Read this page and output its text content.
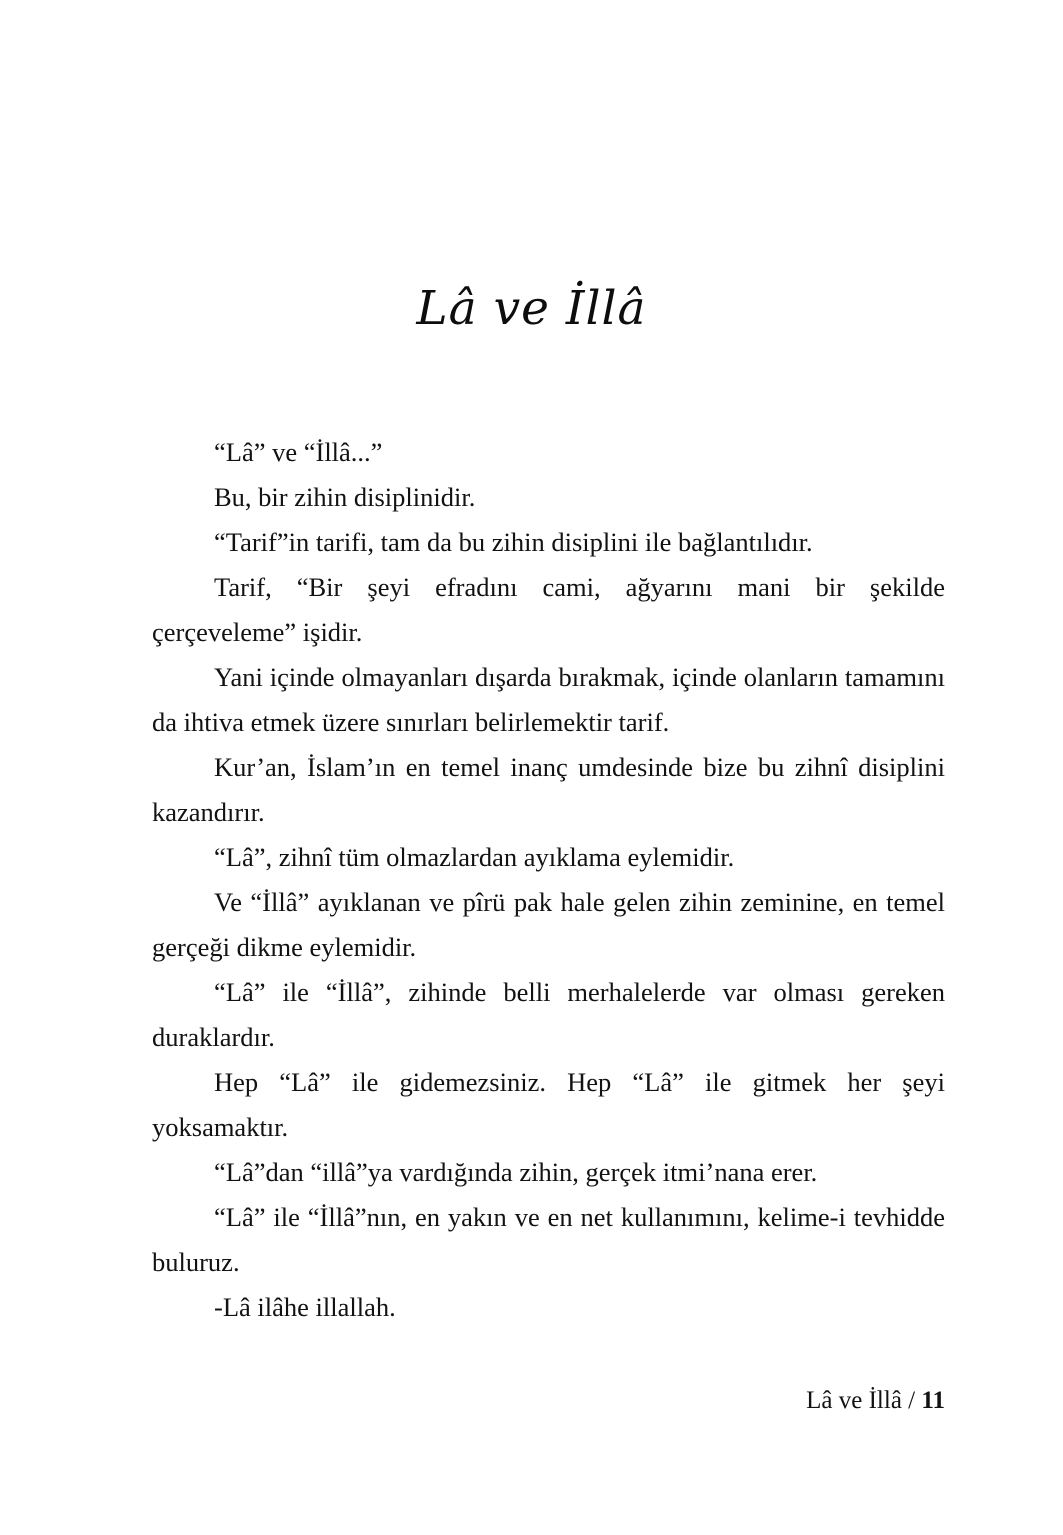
Lâ ve İllâ

“Lâ” ve “İllâ...”

Bu, bir zihin disiplinidir.

“Tarif”in tarifi, tam da bu zihin disiplini ile bağlantılıdır.

Tarif, “Bir şeyi efradını cami, ağyarını mani bir şekilde çerçeveleme” işidir.

Yani içinde olmayanları dışarda bırakmak, içinde olanların tamamını da ihtiva etmek üzere sınırları belirlemektir tarif.

Kur’an, İslam’ın en temel inanç umdesinde bize bu zihnî disiplini kazandırır.

“Lâ”, zihnî tüm olmazlardan ayıklama eylemidir.

Ve “İllâ” ayıklanan ve pîrü pak hale gelen zihin zeminine, en temel gerçeği dikme eylemidir.

“Lâ” ile “İllâ”, zihinde belli merhalelerde var olması gereken duraklardır.

Hep “Lâ” ile gidemezsiniz. Hep “Lâ” ile gitmek her şeyi yoksamaktır.

“Lâ”dan “illâ”ya vardığında zihin, gerçek itmi’nana erer.

“Lâ” ile “İllâ”nın, en yakın ve en net kullanımını, kelime-i tevhidde buluruz.

-Lâ ilâhe illallah.

Lâ ve İllâ / 11
